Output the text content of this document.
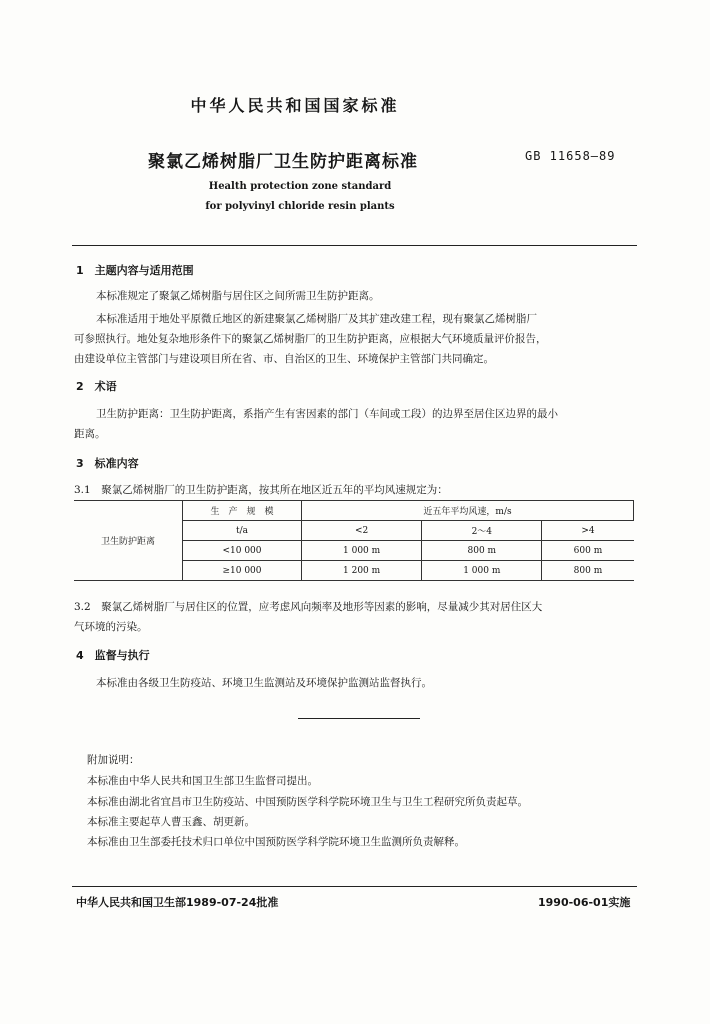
中华人民共和国国家标准
聚氯乙烯树脂厂卫生防护距离标准	GB 11658—89
Health protection zone standard
for polyvinyl chloride resin plants
1　主题内容与适用范围
本标准规定了聚氯乙烯树脂与居住区之间所需卫生防护距离。
本标准适用于地处平原微丘地区的新建聚氯乙烯树脂厂及其扩建改建工程，现有聚氯乙烯树脂厂
可参照执行。地处复杂地形条件下的聚氯乙烯树脂厂的卫生防护距离，应根据大气环境质量评价报告，
由建设单位主管部门与建设项目所在省、市、自治区的卫生、环境保护主管部门共同确定。
2　术语
卫生防护距离：卫生防护距离，系指产生有害因素的部门（车间或工段）的边界至居住区边界的最小
距离。
3　标准内容
3.1　聚氯乙烯树脂厂的卫生防护距离，按其所在地区近五年的平均风速规定为：
卫生防护距离	生　产　规　模	近五年平均风速，m/s		
	t/a	<2	2～4	>4
	<10 000	1 000 m	800 m	600 m
	≥10 000	1 200 m	1 000 m	800 m
3.2　聚氯乙烯树脂厂与居住区的位置，应考虑风向频率及地形等因素的影响，尽量减少其对居住区大
气环境的污染。
4　监督与执行
本标准由各级卫生防疫站、环境卫生监测站及环境保护监测站监督执行。
附加说明：
本标准由中华人民共和国卫生部卫生监督司提出。
本标准由湖北省宜昌市卫生防疫站、中国预防医学科学院环境卫生与卫生工程研究所负责起草。
本标准主要起草人曹玉鑫、胡更新。
本标准由卫生部委托技术归口单位中国预防医学科学院环境卫生监测所负责解释。
中华人民共和国卫生部1989-07-24批准	1990-06-01实施
